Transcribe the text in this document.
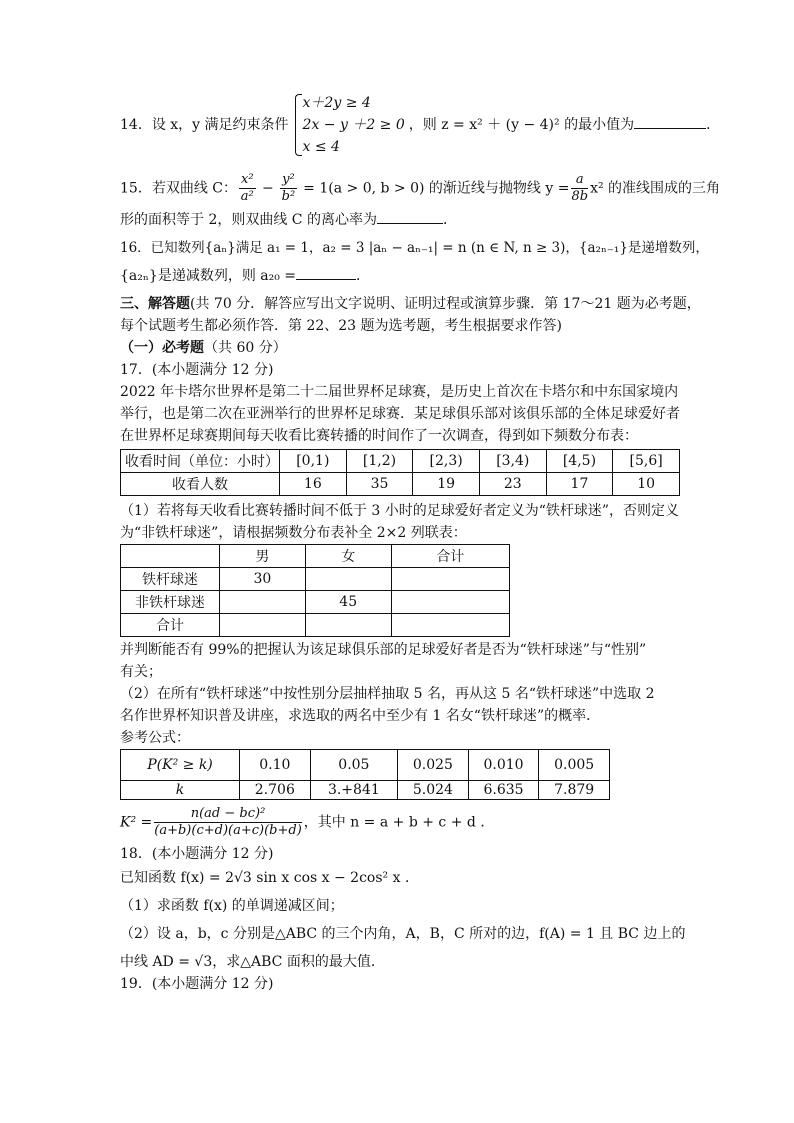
14．设 x，y 满足约束条件
x＋2y ≥ 4
2x − y ＋2 ≥ 0
x ≤ 4
，则 z = x² ＋ (y − 4)² 的最小值为	．
15．若双曲线 C： $\frac{\text{x²}}{\text{a²}} - \frac{\text{y²}}{\text{b²}} = 1(a > 0$, b > 0) 的渐近线与抛物线 $y = \frac{a}{8b} x^2$ 的准线围成的三角
形的面积等于 2，则双曲线 C 的离心率为	．
16．已知数列{aₙ}满足 a₁ = 1，a₂ = 3 |aₙ − aₙ₋₁| = n (n ∈ N, n ≥ 3)，{a₂ₙ₋₁}是递增数列，
{a₂ₙ}是递减数列，则 a₂₀ =	．
三、解答题(共 70 分．解答应写出文字说明、证明过程或演算步骤．第 17～21 题为必考题，
每个试题考生都必须作答．第 22、23 题为选考题，考生根据要求作答)
（一）必考题（共 60 分）
17．(本小题满分 12 分)
2022 年卡塔尔世界杯是第二十二届世界杯足球赛，是历史上首次在卡塔尔和中东国家境内
举行，也是第二次在亚洲举行的世界杯足球赛．某足球俱乐部对该俱乐部的全体足球爱好者
在世界杯足球赛期间每天收看比赛转播的时间作了一次调查，得到如下频数分布表：
收看时间（单位：小时）	[0,1)	[1,2)	[2,3)	[3,4)	[4,5)	[5,6]
收看人数	16	35	19	23	17	10
（1）若将每天收看比赛转播时间不低于 3 小时的足球爱好者定义为“铁杆球迷”，否则定义
为“非铁杆球迷”，请根据频数分布表补全 2×2 列联表：
	男	女	合计
铁杆球迷	30		
非铁杆球迷		45	
合计			
并判断能否有 99%的把握认为该足球俱乐部的足球爱好者是否为“铁杆球迷”与“性别”
有关；
（2）在所有“铁杆球迷”中按性别分层抽样抽取 5 名，再从这 5 名“铁杆球迷”中选取 2
名作世界杯知识普及讲座，求选取的两名中至少有 1 名女“铁杆球迷”的概率．
参考公式：
P(K² ≥ k)	0.10	0.05	0.025	0.010	0.005
k	2.706	3.+841	5.024	6.635	7.879
$K^2 = \frac{\text{n(ad − bc)²}}{(a+b)(c+d)(a+c)(b+d)}$ ，其中 n = a + b + c + d ．
18．(本小题满分 12 分)
已知函数 f(x) = 2√3 sin x cos x − 2cos² x ．
（1）求函数 f(x) 的单调递减区间；
（2）设 a，b，c 分别是△ABC 的三个内角，A，B，C 所对的边，f(A) = 1 且 BC 边上的
中线 AD = √3，求△ABC 面积的最大值．
19．(本小题满分 12 分)
